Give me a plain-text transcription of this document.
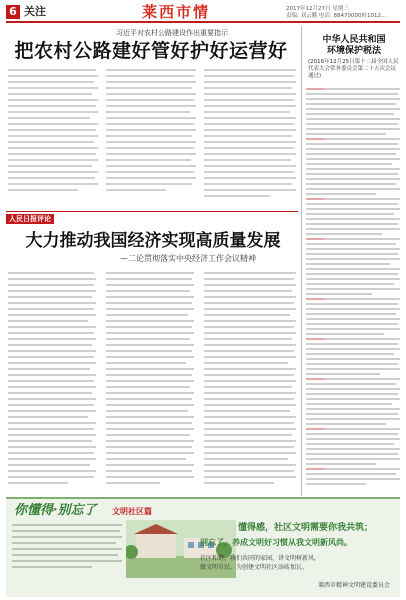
6 关注	莱西市情	2017年12月27日 星期三
责编: 刘云鹏 电话: 88470000转1012…
习近平对农村公路建设作出重要指示
把农村公路建好管好护好运营好	中华人民共和国
环境保护税法
(2016年12月25日第十二届全国人民代表大会常务委员会第二十五次会议通过)
人民日报评论
大力推动我国经济实现高质量发展
—二论贯彻落实中央经济工作会议精神
你懂得·别忘了 文明社区篇
懂得感，社区文明需要你我共筑；
别忘了，养成文明好习惯从我文明新风尚。
社区和谐，我们共同的家园，讲文明树新风，
做文明市民，为创建文明社区添砖加瓦。
莱西市精神文明建设委员会
